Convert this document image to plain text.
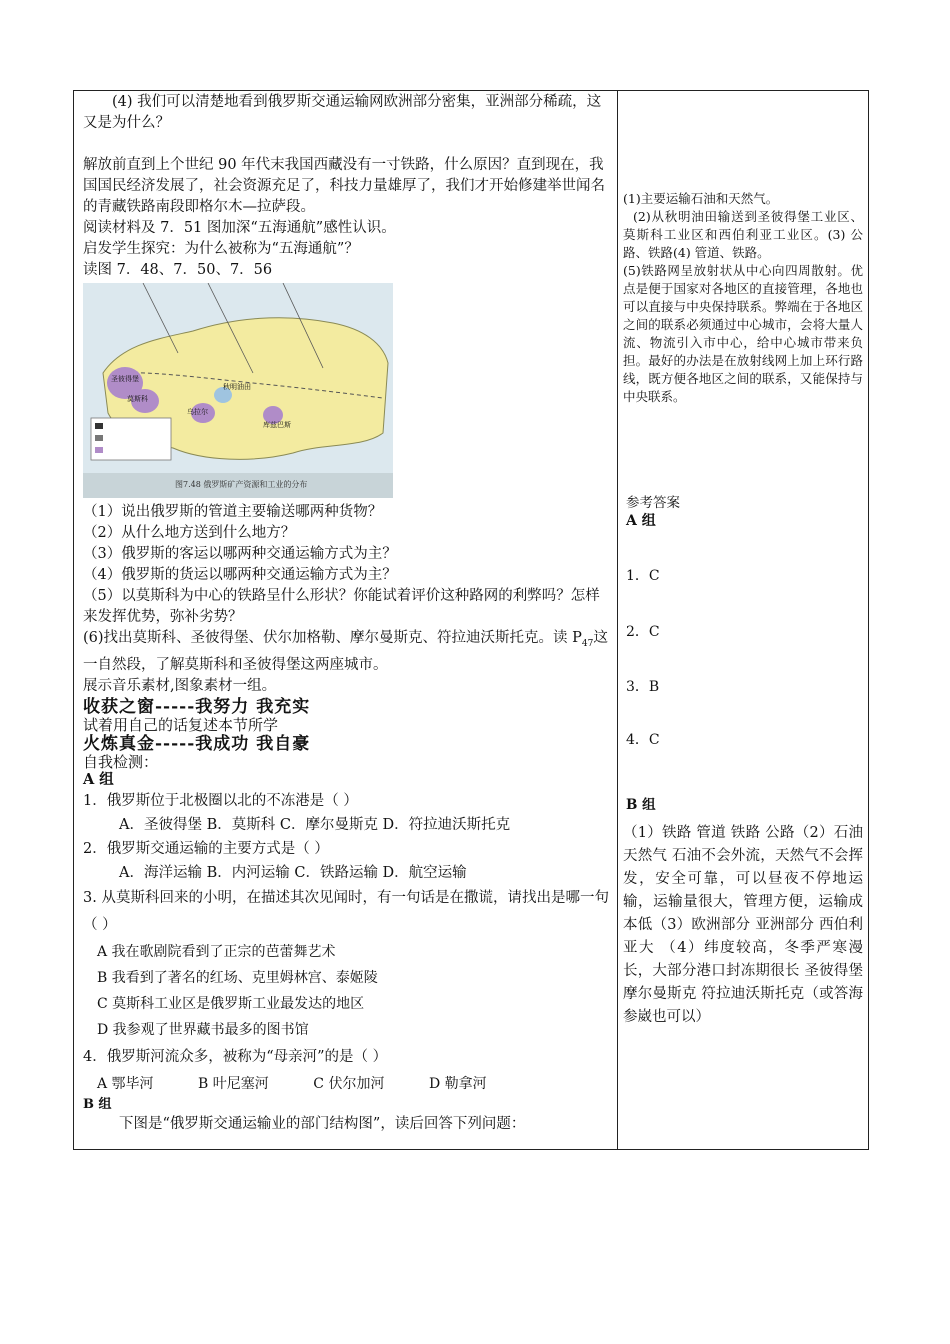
(4) 我们可以清楚地看到俄罗斯交通运输网欧洲部分密集，亚洲部分稀疏，这又是为什么？

解放前直到上个世纪 90 年代末我国西藏没有一寸铁路，什么原因？直到现在，我国国民经济发展了，社会资源充足了，科技力量雄厚了，我们才开始修建举世闻名的青藏铁路南段即格尔木—拉萨段。

阅读材料及 7．51 图加深“五海通航”感性认识。

启发学生探究：为什么被称为“五海通航”？

读图 7．48、7．50、7．56

秋明油田
莫斯科
圣彼得堡
乌拉尔
库兹巴斯
图7.48 俄罗斯矿产资源和工业的分布

（1）说出俄罗斯的管道主要输送哪两种货物？

（2）从什么地方送到什么地方？

（3）俄罗斯的客运以哪两种交通运输方式为主？

（4）俄罗斯的货运以哪两种交通运输方式为主？

（5）以莫斯科为中心的铁路呈什么形状？你能试着评价这种路网的利弊吗？怎样来发挥优势，弥补劣势？

(6)找出莫斯科、圣彼得堡、伏尔加格勒、摩尔曼斯克、符拉迪沃斯托克。读 $P_{47}$这一自然段，了解莫斯科和圣彼得堡这两座城市。

展示音乐素材,图象素材一组。

收获之窗-----我努力 我充实

试着用自己的话复述本节所学

火炼真金-----我成功 我自豪

自我检测：

A 组

1．俄罗斯位于北极圈以北的不冻港是（ ）

A．圣彼得堡 B．莫斯科 C．摩尔曼斯克 D．符拉迪沃斯托克

2．俄罗斯交通运输的主要方式是（ ）

A．海洋运输 B．内河运输 C．铁路运输 D．航空运输

3. 从莫斯科回来的小明，在描述其次见闻时，有一句话是在撒谎，请找出是哪一句（ ）

A 我在歌剧院看到了正宗的芭蕾舞艺术

B 我看到了著名的红场、克里姆林宫、泰姬陵

C 莫斯科工业区是俄罗斯工业最发达的地区

D 我参观了世界藏书最多的图书馆

4．俄罗斯河流众多，被称为“母亲河”的是（ ）

A 鄂毕河          B 叶尼塞河          C 伏尔加河          D 勒拿河

B 组

下图是“俄罗斯交通运输业的部门结构图”，读后回答下列问题：

(1)主要运输石油和天然气。

(2)从秋明油田输送到圣彼得堡工业区、莫斯科工业区和西伯利亚工业区。(3) 公路、铁路(4) 管道、铁路。

(5)铁路网呈放射状从中心向四周散射。优点是便于国家对各地区的直接管理，各地也可以直接与中央保持联系。弊端在于各地区之间的联系必须通过中心城市，会将大量人流、物流引入市中心，给中心城市带来负担。最好的办法是在放射线网上加上环行路线，既方便各地区之间的联系，又能保持与中央联系。

参考答案
A 组
1．C
2．C
3．B
4．C
B 组
（1）铁路 管道 铁路 公路（2）石油 天然气 石油不会外流，天然气不会挥发，安全可靠，可以昼夜不停地运输，运输量很大，管理方便，运输成本低（3）欧洲部分 亚洲部分 西伯利亚大 （4）纬度较高，冬季严寒漫长，大部分港口封冻期很长 圣彼得堡 摩尔曼斯克 符拉迪沃斯托克（或答海参崴也可以）
